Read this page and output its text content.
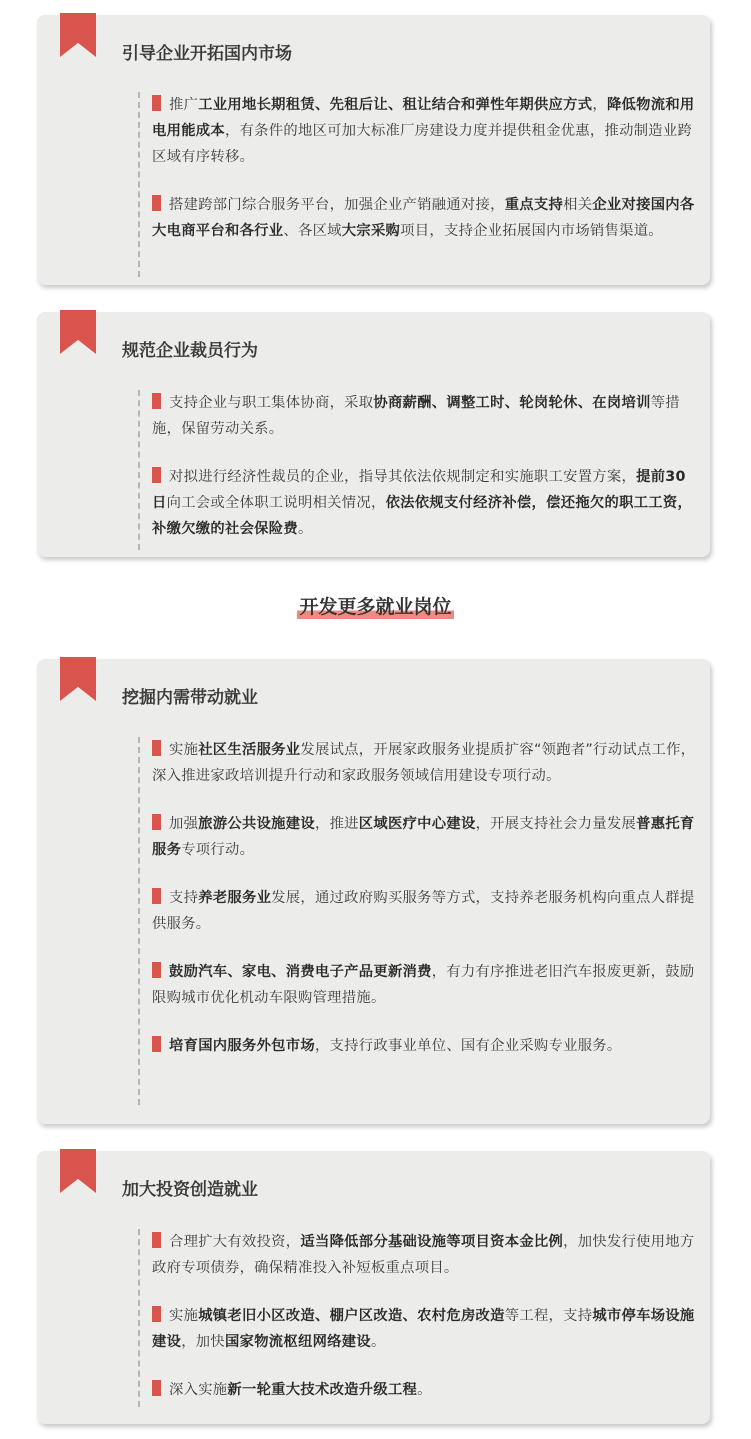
引导企业开拓国内市场

推广工业用地长期租赁、先租后让、租让结合和弹性年期供应方式，降低物流和用电用能成本，有条件的地区可加大标准厂房建设力度并提供租金优惠，推动制造业跨区域有序转移。

搭建跨部门综合服务平台，加强企业产销融通对接，重点支持相关企业对接国内各大电商平台和各行业、各区域大宗采购项目，支持企业拓展国内市场销售渠道。

规范企业裁员行为

支持企业与职工集体协商，采取协商薪酬、调整工时、轮岗轮休、在岗培训等措施，保留劳动关系。

对拟进行经济性裁员的企业，指导其依法依规制定和实施职工安置方案，提前30日向工会或全体职工说明相关情况，依法依规支付经济补偿，偿还拖欠的职工工资，补缴欠缴的社会保险费。

开发更多就业岗位
挖掘内需带动就业

实施社区生活服务业发展试点，开展家政服务业提质扩容“领跑者”行动试点工作，深入推进家政培训提升行动和家政服务领域信用建设专项行动。

加强旅游公共设施建设，推进区域医疗中心建设，开展支持社会力量发展普惠托育服务专项行动。

支持养老服务业发展，通过政府购买服务等方式，支持养老服务机构向重点人群提供服务。

鼓励汽车、家电、消费电子产品更新消费，有力有序推进老旧汽车报废更新，鼓励限购城市优化机动车限购管理措施。

培育国内服务外包市场，支持行政事业单位、国有企业采购专业服务。

加大投资创造就业

合理扩大有效投资，适当降低部分基础设施等项目资本金比例，加快发行使用地方政府专项债券，确保精准投入补短板重点项目。

实施城镇老旧小区改造、棚户区改造、农村危房改造等工程，支持城市停车场设施建设，加快国家物流枢纽网络建设。

深入实施新一轮重大技术改造升级工程。
